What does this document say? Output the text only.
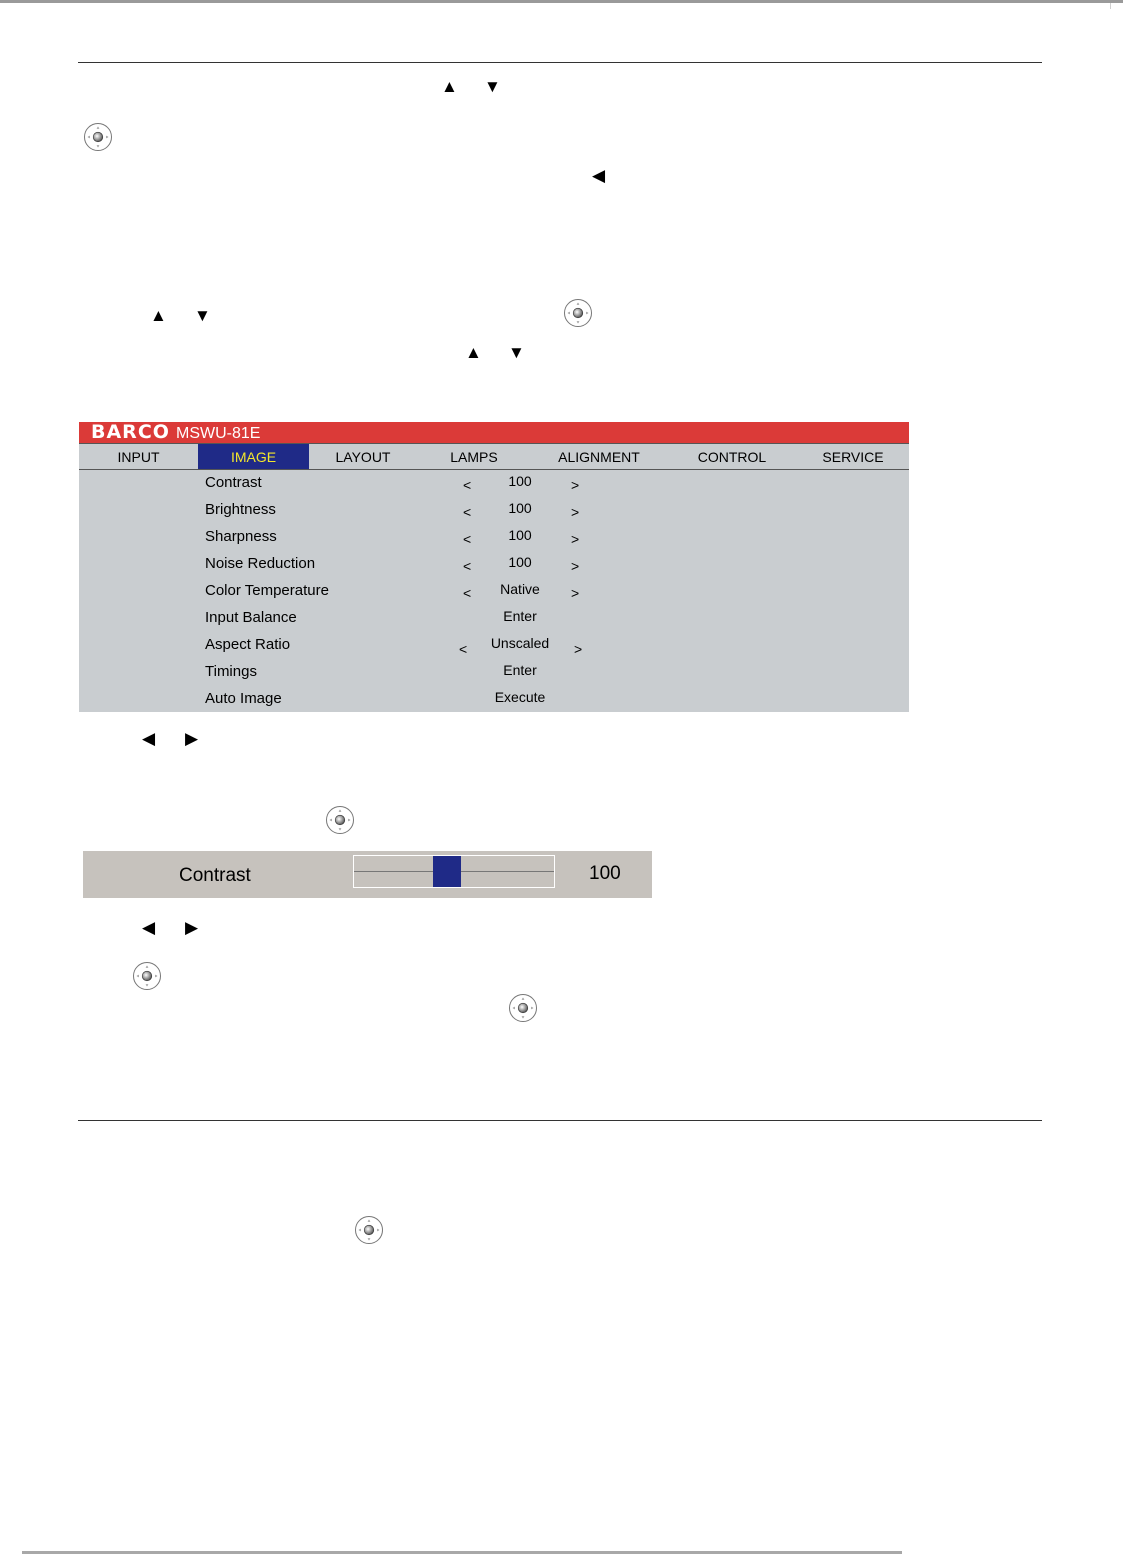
▲ ▼
◀
▲ ▼
▲ ▼
BARCO MSWU-81E
INPUT	IMAGE	LAYOUT	LAMPS	ALIGNMENT	CONTROL	SERVICE
Contrast	<	100	>
Brightness	<	100	>
Sharpness	<	100	>
Noise Reduction	<	100	>
Color Temperature	<	Native	>
Input Balance	Enter
Aspect Ratio	<	Unscaled	>
Timings	Enter
Auto Image	Execute
◀ ▶
Contrast	100
◀ ▶
